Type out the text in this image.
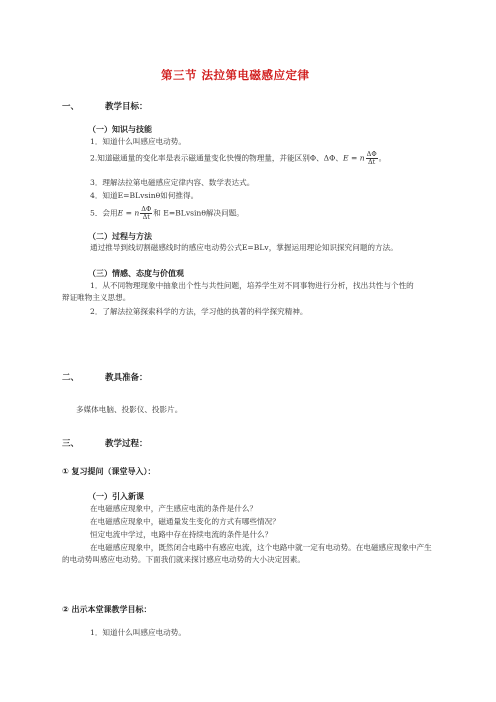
第三节 法拉第电磁感应定律
一、	教学目标：
（一）知识与技能
1．知道什么叫感应电动势。
2.知道磁通量的变化率是表示磁通量变化快慢的物理量，并能区别Φ、ΔΦ、E = n $\frac{\Delta\Phi}{\Delta t}$ 。
3．理解法拉第电磁感应定律内容、数学表达式。
4．知道E=BLvsinθ如何推得。
5．会用E = n $\frac{\Delta\Phi}{\Delta t}$ 和 E=BLvsinθ解决问题。
（二）过程与方法
通过推导到线切割磁感线时的感应电动势公式E=BLv，掌握运用理论知识探究问题的方法。
（三）情感、态度与价值观
1．从不同物理现象中抽象出个性与共性问题，培养学生对不同事物进行分析，找出共性与个性的辩证唯物主义思想。
2．了解法拉第探索科学的方法，学习他的执著的科学探究精神。
二、	教具准备：
多媒体电脑、投影仪、投影片。
三、	教学过程：
① 复习提问（课堂导入）：
（一）引入新课
在电磁感应现象中，产生感应电流的条件是什么？
在电磁感应现象中，磁通量发生变化的方式有哪些情况？
恒定电流中学过，电路中存在持续电流的条件是什么？
在电磁感应现象中，既然闭合电路中有感应电流，这个电路中就一定有电动势。在电磁感应现象中产生的电动势叫感应电动势。下面我们就来探讨感应电动势的大小决定因素。
② 出示本堂课教学目标：
1．知道什么叫感应电动势。
